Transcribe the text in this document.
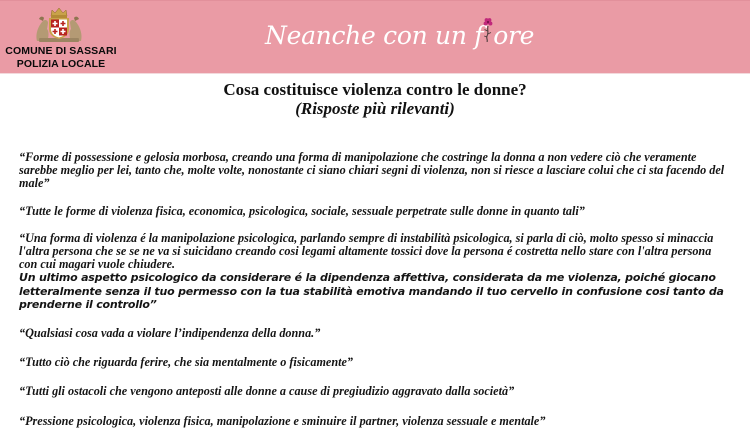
COMUNE DI SASSARI
POLIZIA LOCALE
Neanche con un f ore
Cosa costituisce violenza contro le donne?
(Risposte più rilevanti)

“Forme di possessione e gelosia morbosa, creando una forma di manipolazione che costringe la donna a non vedere ciò che veramente sarebbe meglio per lei, tanto che, molte volte, nonostante ci siano chiari segni di violenza, non si riesce a lasciare colui che ci sta facendo del male”

“Tutte le forme di violenza fisica, economica, psicologica, sociale, sessuale perpetrate sulle donne in quanto tali”

“Una forma di violenza é la manipolazione psicologica, parlando sempre di instabilità psicologica, si parla di ciò, molto spesso si minaccia l'altra persona che se se ne va si suicidano creando cosi legami altamente tossici dove la persona é costretta nello stare con l'altra persona con cui magari vuole chiudere.
Un ultimo aspetto psicologico da considerare é la dipendenza affettiva, considerata da me violenza, poiché giocano letteralmente senza il tuo permesso con la tua stabilità emotiva mandando il tuo cervello in confusione cosi tanto da prenderne il controllo”

“Qualsiasi cosa vada a violare l’indipendenza della donna.”

“Tutto ciò che riguarda ferire, che sia mentalmente o fisicamente”

“Tutti gli ostacoli che vengono anteposti alle donne a cause di pregiudizio aggravato dalla società”

“Pressione psicologica, violenza fisica, manipolazione e sminuire il partner, violenza sessuale e mentale”
